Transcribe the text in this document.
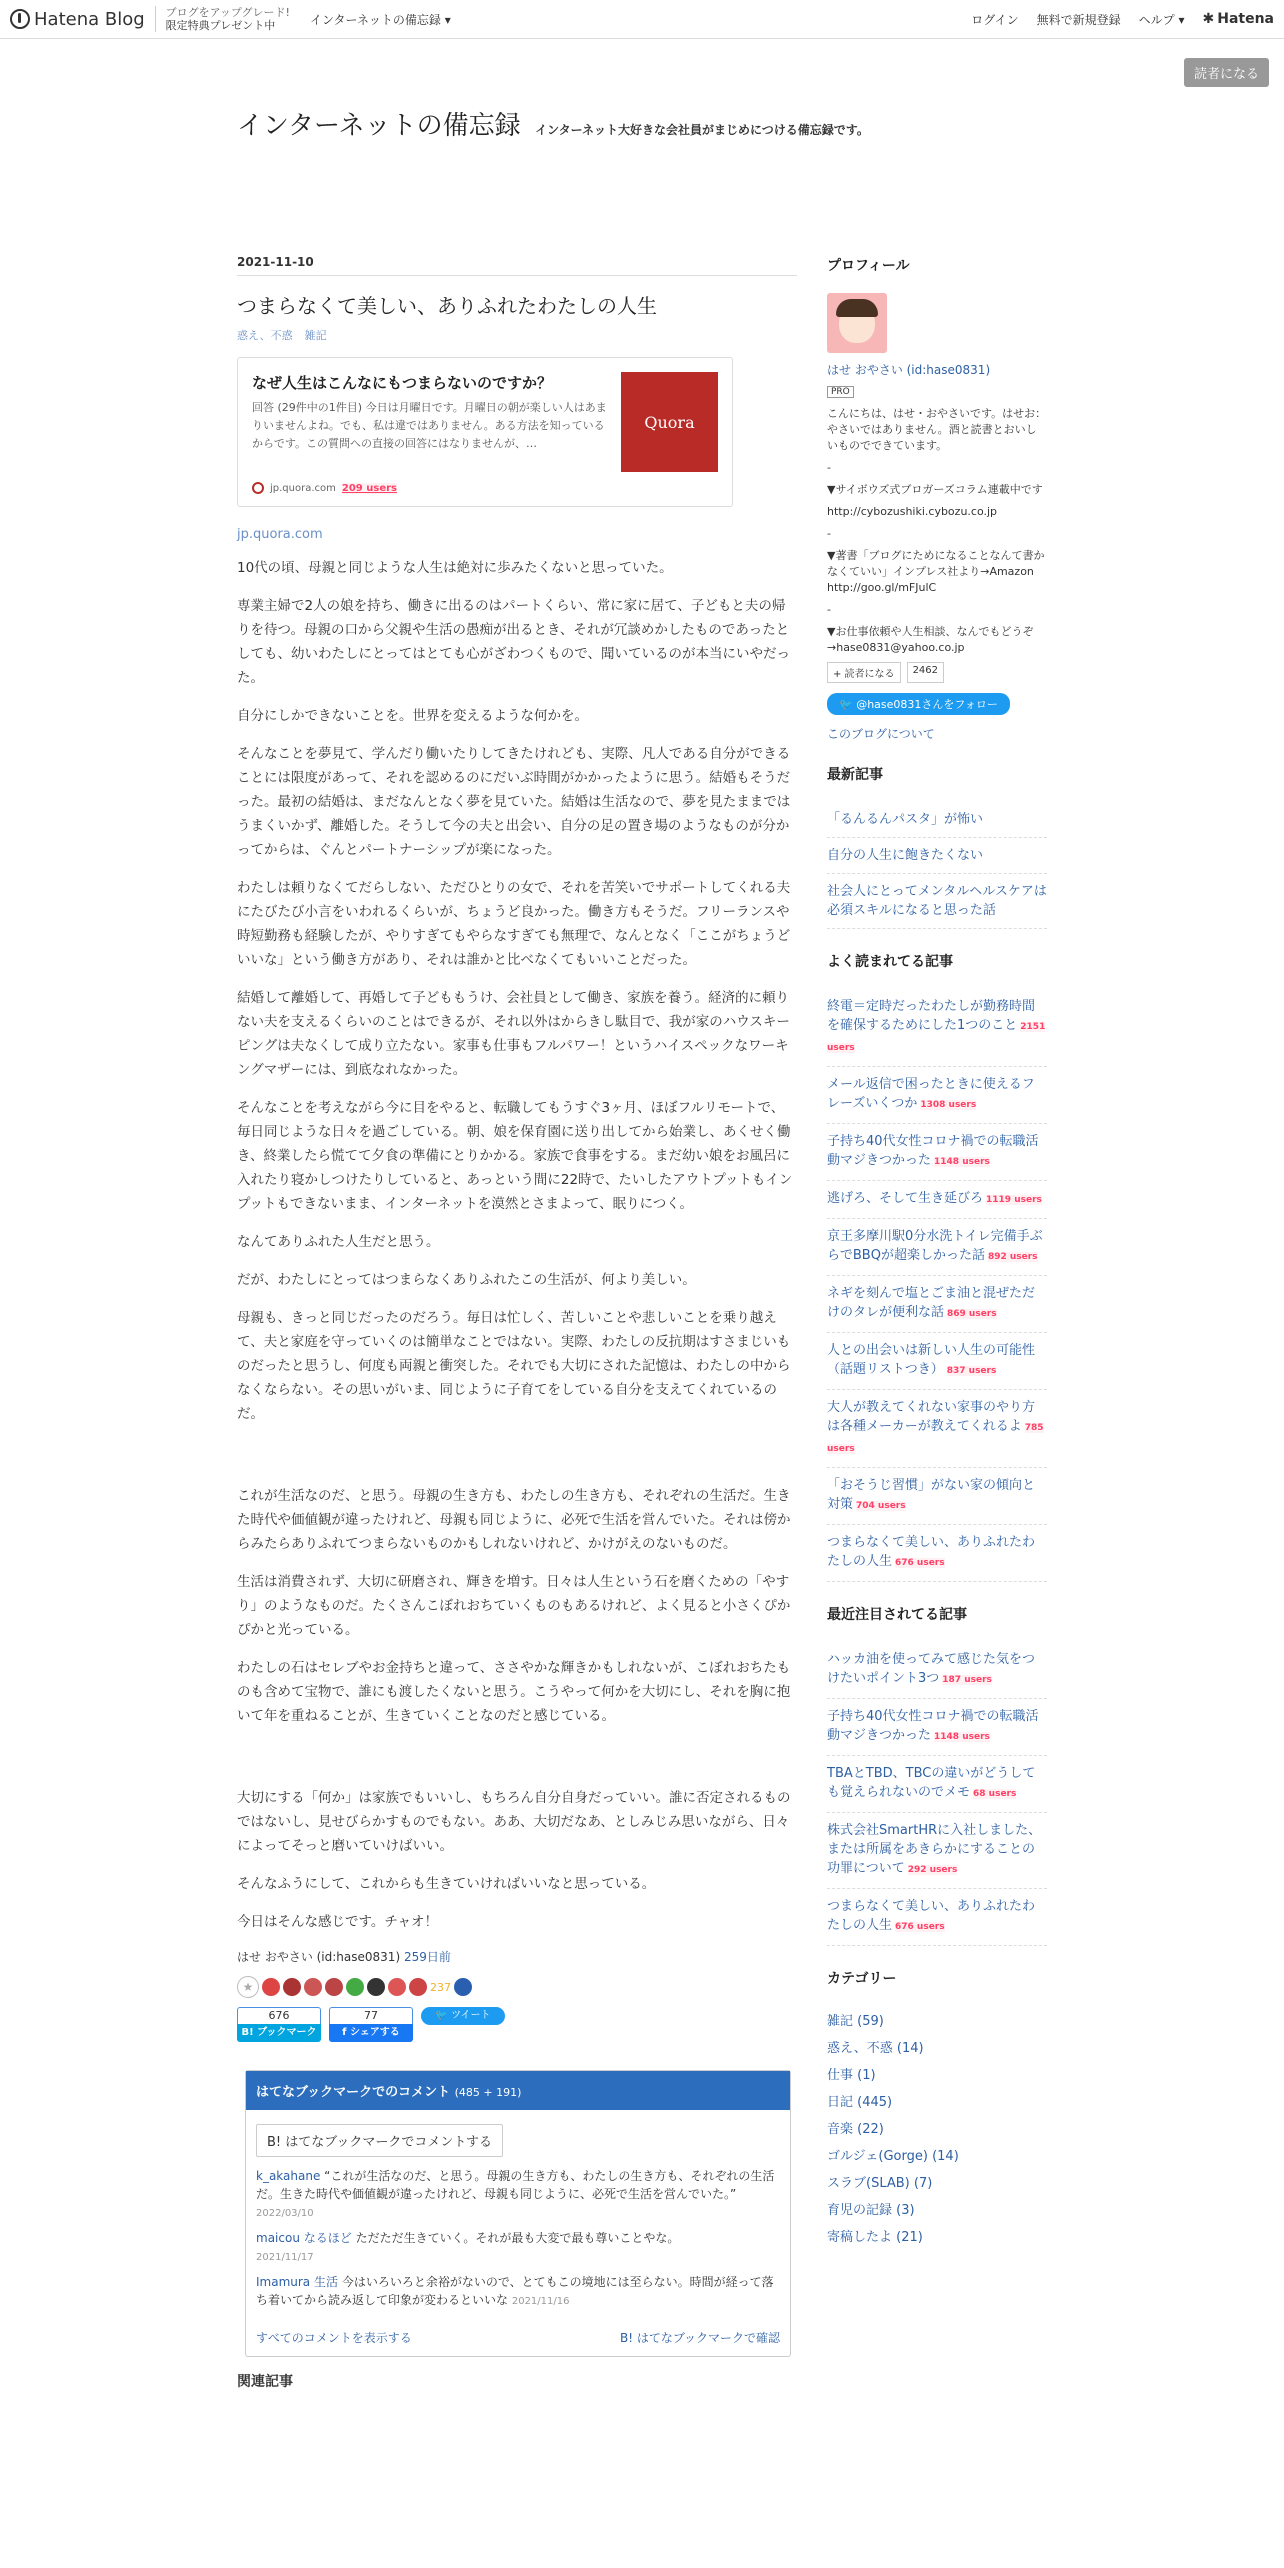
Hatena Blog	ブログをアップグレード!
限定特典プレゼント中	インターネットの備忘録 ▾	ログイン 無料で新規登録 ヘルプ ▾ ✱ Hatena
読者になる
インターネットの備忘録 インターネット大好きな会社員がまじめにつける備忘録です。
2021-11-10
つまらなくて美しい、ありふれたわたしの人生
惑え、不惑 雑記
なぜ人生はこんなにもつまらないのですか？
回答 (29件中の1件目) 今日は月曜日です。月曜日の朝が楽しい人はあまりいませんよね。でも、私は違ではありません。ある方法を知っているからです。この質問への直接の回答にはなりませんが、…
Quora
jp.quora.com 209 users
jp.quora.com

10代の頃、母親と同じような人生は絶対に歩みたくないと思っていた。

専業主婦で2人の娘を持ち、働きに出るのはパートくらい、常に家に居て、子どもと夫の帰りを待つ。母親の口から父親や生活の愚痴が出るとき、それが冗談めかしたものであったとしても、幼いわたしにとってはとても心がざわつくもので、聞いているのが本当にいやだった。

自分にしかできないことを。世界を変えるような何かを。

そんなことを夢見て、学んだり働いたりしてきたけれども、実際、凡人である自分ができることには限度があって、それを認めるのにだいぶ時間がかかったように思う。結婚もそうだった。最初の結婚は、まだなんとなく夢を見ていた。結婚は生活なので、夢を見たままではうまくいかず、離婚した。そうして今の夫と出会い、自分の足の置き場のようなものが分かってからは、ぐんとパートナーシップが楽になった。

わたしは頼りなくてだらしない、ただひとりの女で、それを苦笑いでサポートしてくれる夫にたびたび小言をいわれるくらいが、ちょうど良かった。働き方もそうだ。フリーランスや時短勤務も経験したが、やりすぎてもやらなすぎても無理で、なんとなく「ここがちょうどいいな」という働き方があり、それは誰かと比べなくてもいいことだった。

結婚して離婚して、再婚して子どももうけ、会社員として働き、家族を養う。経済的に頼りない夫を支えるくらいのことはできるが、それ以外はからきし駄目で、我が家のハウスキーピングは夫なくして成り立たない。家事も仕事もフルパワー！というハイスペックなワーキングマザーには、到底なれなかった。

そんなことを考えながら今に目をやると、転職してもうすぐ3ヶ月、ほぼフルリモートで、毎日同じような日々を過ごしている。朝、娘を保育園に送り出してから始業し、あくせく働き、終業したら慌てて夕食の準備にとりかかる。家族で食事をする。まだ幼い娘をお風呂に入れたり寝かしつけたりしていると、あっという間に22時で、たいしたアウトプットもインプットもできないまま、インターネットを漠然とさまよって、眠りにつく。

なんてありふれた人生だと思う。

だが、わたしにとってはつまらなくありふれたこの生活が、何より美しい。

母親も、きっと同じだったのだろう。毎日は忙しく、苦しいことや悲しいことを乗り越えて、夫と家庭を守っていくのは簡単なことではない。実際、わたしの反抗期はすさまじいものだったと思うし、何度も両親と衝突した。それでも大切にされた記憶は、わたしの中からなくならない。その思いがいま、同じように子育てをしている自分を支えてくれているのだ。

これが生活なのだ、と思う。母親の生き方も、わたしの生き方も、それぞれの生活だ。生きた時代や価値観が違ったけれど、母親も同じように、必死で生活を営んでいた。それは傍からみたらありふれてつまらないものかもしれないけれど、かけがえのないものだ。

生活は消費されず、大切に研磨され、輝きを増す。日々は人生という石を磨くための「やすり」のようなものだ。たくさんこぼれおちていくものもあるけれど、よく見ると小さくぴかぴかと光っている。

わたしの石はセレブやお金持ちと違って、ささやかな輝きかもしれないが、こぼれおちたものも含めて宝物で、誰にも渡したくないと思う。こうやって何かを大切にし、それを胸に抱いて年を重ねることが、生きていくことなのだと感じている。

大切にする「何か」は家族でもいいし、もちろん自分自身だっていい。誰に否定されるものではないし、見せびらかすものでもない。ああ、大切だなあ、としみじみ思いながら、日々によってそっと磨いていけばいい。

そんなふうにして、これからも生きていければいいなと思っている。

今日はそんな感じです。チャオ！

はせ おやさい (id:hase0831) 259日前
★	237
676
B! ブックマーク
77
f シェアする
🐦 ツイート
はてなブックマークでのコメント (485 + 191)
B! はてなブックマークでコメントする
k_akahane “これが生活なのだ、と思う。母親の生き方も、わたしの生き方も、それぞれの生活だ。生きた時代や価値観が違ったけれど、母親も同じように、必死で生活を営んでいた。” 2022/03/10
maicou なるほど ただただ生きていく。それが最も大変で最も尊いことやな。
2021/11/17
Imamura 生活 今はいろいろと余裕がないので、とてもこの境地には至らない。時間が経って落ち着いてから読み返して印象が変わるといいな 2021/11/16
すべてのコメントを表示する	B! はてなブックマークで確認
関連記事
プロフィール
はせ おやさい (id:hase0831)
PRO

こんにちは、はせ・おやさいです。はせお：やさいではありません。酒と読書とおいしいものでできています。

-

▼サイボウズ式ブロガーズコラム連載中です

http://cybozushiki.cybozu.co.jp

-

▼著書「ブログにためになることなんて書かなくていい」インプレス社より→Amazon http://goo.gl/mFJulC

-

▼お仕事依頼や人生相談、なんでもどうぞ→hase0831@yahoo.co.jp

+ 読者になる	2462
🐦 @hase0831さんをフォロー
このブログについて
最新記事
「るんるんパスタ」が怖い
自分の人生に飽きたくない
社会人にとってメンタルヘルスケアは必須スキルになると思った話
よく読まれてる記事
終電＝定時だったわたしが勤務時間を確保するためにした1つのこと 2151 users
メール返信で困ったときに使えるフレーズいくつか 1308 users
子持ち40代女性コロナ禍での転職活動マジきつかった 1148 users
逃げろ、そして生き延びろ 1119 users
京王多摩川駅0分水洗トイレ完備手ぶらでBBQが超楽しかった話 892 users
ネギを刻んで塩とごま油と混ぜただけのタレが便利な話 869 users
人との出会いは新しい人生の可能性（話題リストつき） 837 users
大人が教えてくれない家事のやり方は各種メーカーが教えてくれるよ 785 users
「おそうじ習慣」がない家の傾向と対策 704 users
つまらなくて美しい、ありふれたわたしの人生 676 users
最近注目されてる記事
ハッカ油を使ってみて感じた気をつけたいポイント3つ 187 users
子持ち40代女性コロナ禍での転職活動マジきつかった 1148 users
TBAとTBD、TBCの違いがどうしても覚えられないのでメモ 68 users
株式会社SmartHRに入社しました、または所属をあきらかにすることの功罪について 292 users
つまらなくて美しい、ありふれたわたしの人生 676 users
カテゴリー
雑記 (59)
惑え、不惑 (14)
仕事 (1)
日記 (445)
音楽 (22)
ゴルジェ(Gorge) (14)
スラブ(SLAB) (7)
育児の記録 (3)
寄稿したよ (21)
